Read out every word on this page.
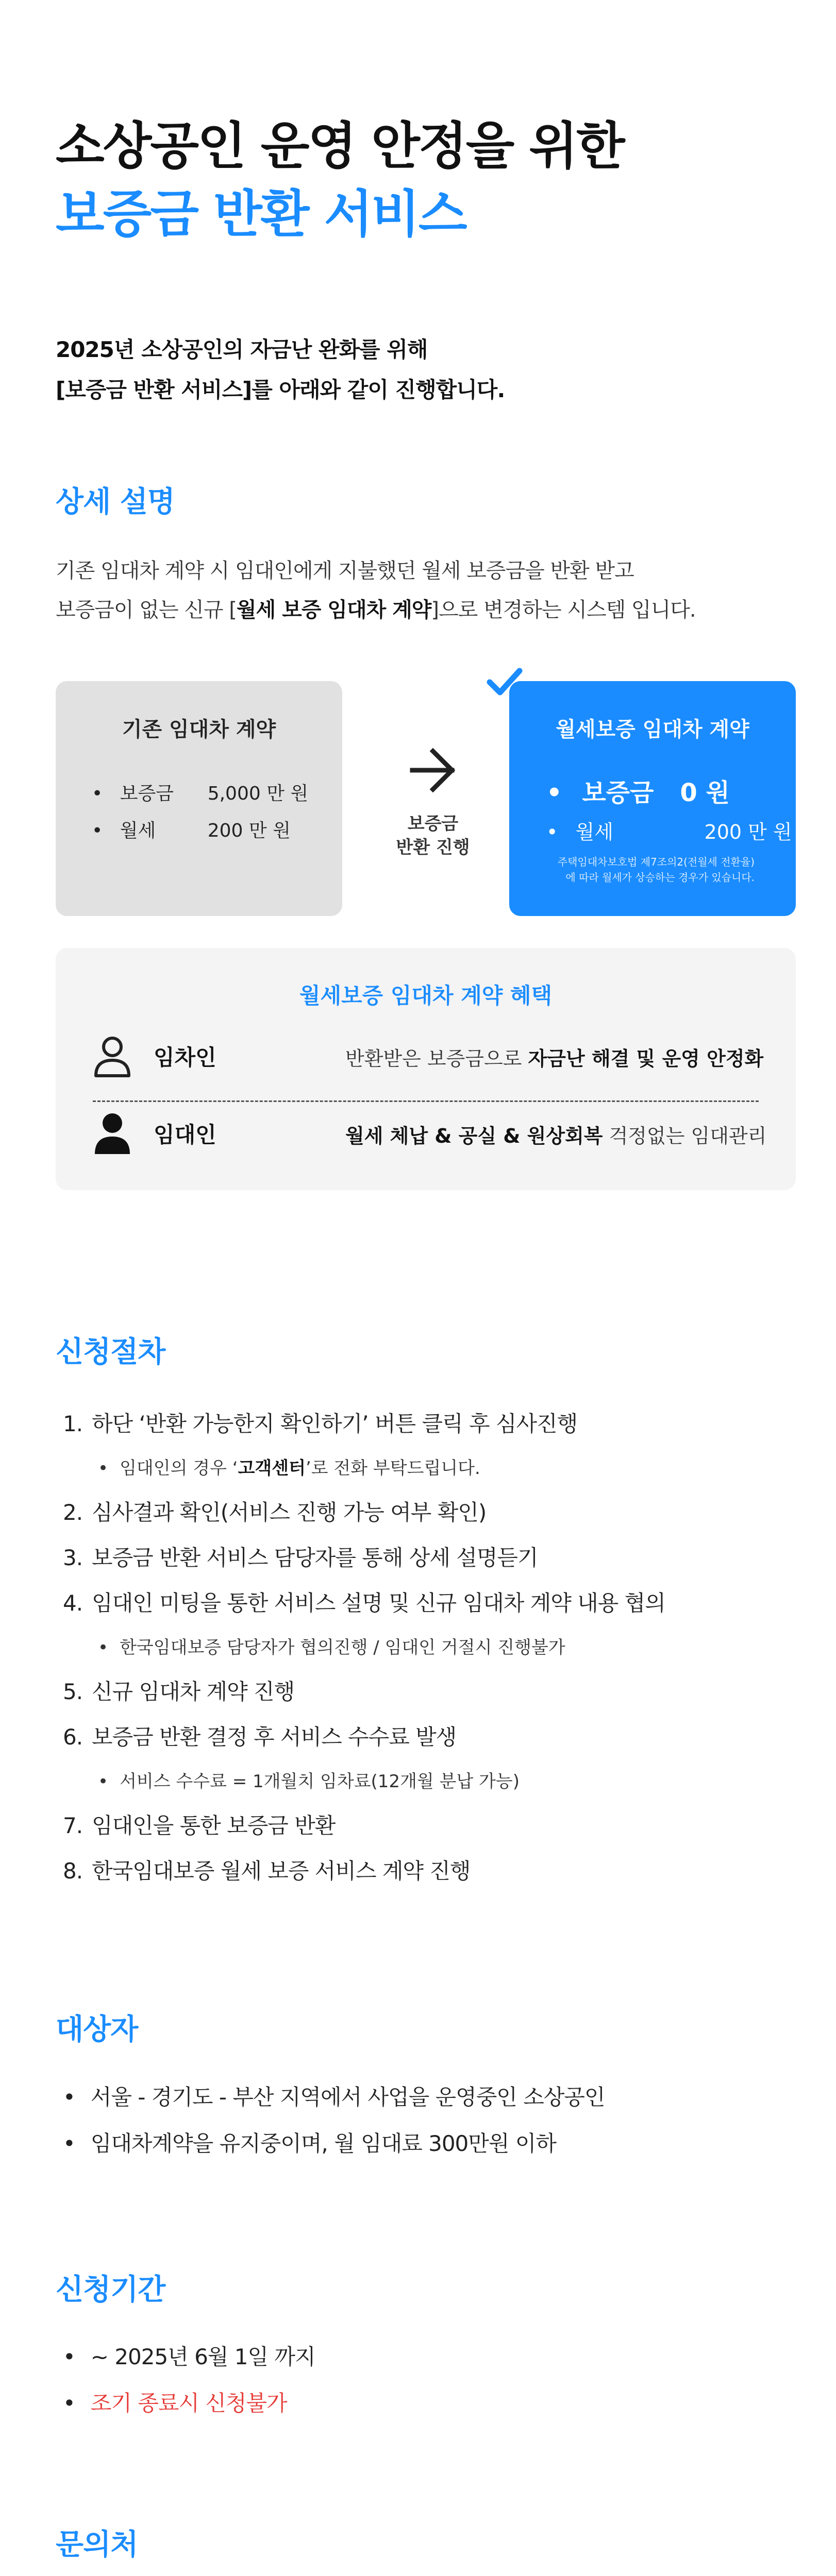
소상공인 운영 안정을 위한
보증금 반환 서비스
2025년 소상공인의 자금난 완화를 위해
[보증금 반환 서비스]를 아래와 같이 진행합니다.
상세 설명
기존 임대차 계약 시 임대인에게 지불했던 월세 보증금을 반환 받고
보증금이 없는 신규 [월세 보증 임대차 계약]으로 변경하는 시스템 입니다.
기존 임대차 계약
• 보증금 5,000 만 원
• 월세	200 만 원	보증금
반환 진행
월세보증 임대차 계약
• 보증금 0 원
• 월세	200 만 원
주택임대차보호법 제7조의2(전월세 전환율)
에 따라 월세가 상승하는 경우가 있습니다.
월세보증 임대차 계약 혜택
임차인	반환받은 보증금으로 자금난 해결 및 운영 안정화
임대인	월세 체납 & 공실 & 원상회복 걱정없는 임대관리
신청절차
1. 하단 ‘반환 가능한지 확인하기’ 버튼 클릭 후 심사진행
• 임대인의 경우 ‘고객센터’로 전화 부탁드립니다.
2. 심사결과 확인(서비스 진행 가능 여부 확인)
3. 보증금 반환 서비스 담당자를 통해 상세 설명듣기
4. 임대인 미팅을 통한 서비스 설명 및 신규 임대차 계약 내용 협의
• 한국임대보증 담당자가 협의진행 / 임대인 거절시 진행불가
5. 신규 임대차 계약 진행
6. 보증금 반환 결정 후 서비스 수수료 발생
• 서비스 수수료 = 1개월치 임차료(12개월 분납 가능)
7. 임대인을 통한 보증금 반환
8. 한국임대보증 월세 보증 서비스 계약 진행
대상자
• 서울 - 경기도 - 부산 지역에서 사업을 운영중인 소상공인
• 임대차계약을 유지중이며, 월 임대료 300만원 이하
신청기간
• ~ 2025년 6월 1일 까지
• 조기 종료시 신청불가
문의처
